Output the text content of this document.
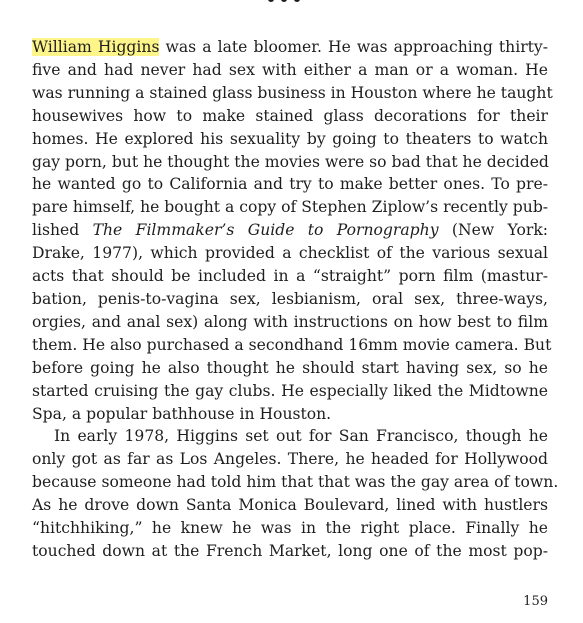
William Higgins was a late bloomer. He was approaching thirty-
five and had never had sex with either a man or a woman. He
was running a stained glass business in Houston where he taught
housewives how to make stained glass decorations for their
homes. He explored his sexuality by going to theaters to watch
gay porn, but he thought the movies were so bad that he decided
he wanted go to California and try to make better ones. To pre-
pare himself, he bought a copy of Stephen Ziplow’s recently pub-
lished The Filmmaker’s Guide to Pornography (New York:
Drake, 1977), which provided a checklist of the various sexual
acts that should be included in a “straight” porn film (mastur-
bation, penis-to-vagina sex, lesbianism, oral sex, three-ways,
orgies, and anal sex) along with instructions on how best to film
them. He also purchased a secondhand 16mm movie camera. But
before going he also thought he should start having sex, so he
started cruising the gay clubs. He especially liked the Midtowne
Spa, a popular bathhouse in Houston.
In early 1978, Higgins set out for San Francisco, though he
only got as far as Los Angeles. There, he headed for Hollywood
because someone had told him that that was the gay area of town.
As he drove down Santa Monica Boulevard, lined with hustlers
“hitchhiking,” he knew he was in the right place. Finally he
touched down at the French Market, long one of the most pop-
159
